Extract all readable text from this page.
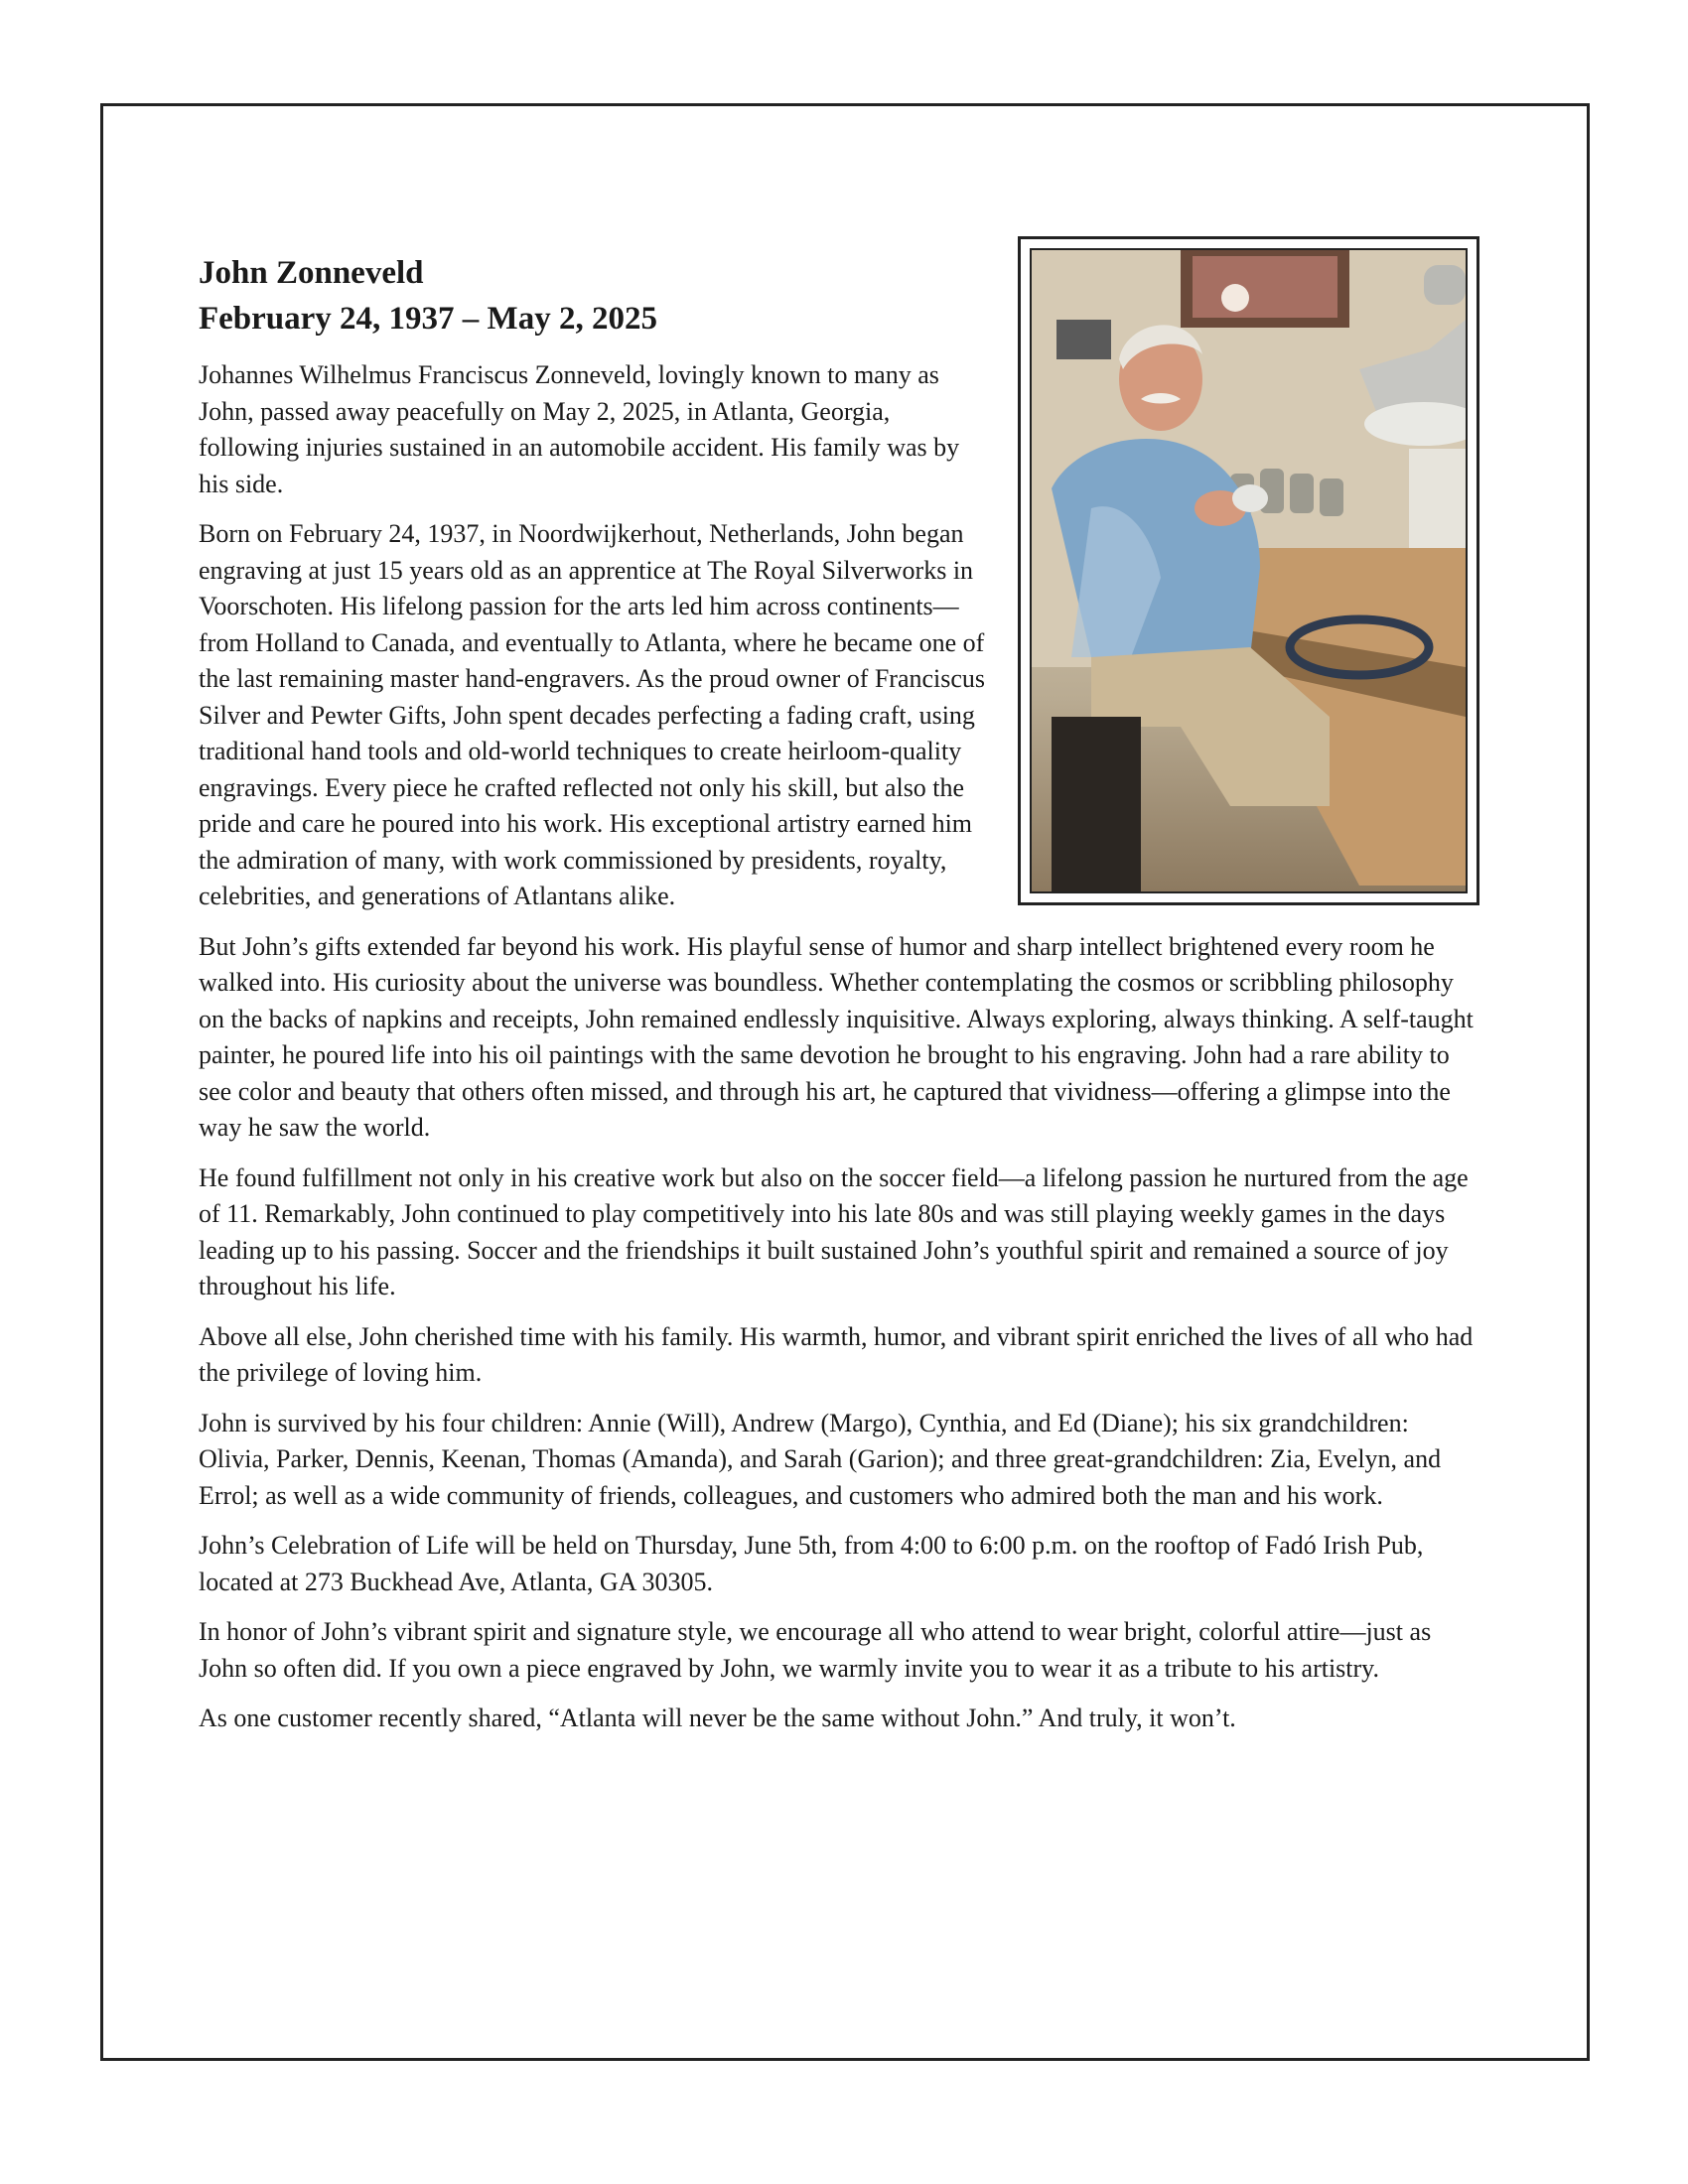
John Zonneveld
February 24, 1937 – May 2, 2025

Johannes Wilhelmus Franciscus Zonneveld, lovingly known to many as John, passed away peacefully on May 2, 2025, in Atlanta, Georgia, following injuries sustained in an automobile accident. His family was by his side.

Born on February 24, 1937, in Noordwijkerhout, Netherlands, John began engraving at just 15 years old as an apprentice at The Royal Silverworks in Voorschoten. His lifelong passion for the arts led him across continents—from Holland to Canada, and eventually to Atlanta, where he became one of the last remaining master hand-engravers. As the proud owner of Franciscus Silver and Pewter Gifts, John spent decades perfecting a fading craft, using traditional hand tools and old-world techniques to create heirloom-quality engravings. Every piece he crafted reflected not only his skill, but also the pride and care he poured into his work. His exceptional artistry earned him the admiration of many, with work commissioned by presidents, royalty, celebrities, and generations of Atlantans alike.

But John’s gifts extended far beyond his work. His playful sense of humor and sharp intellect brightened every room he walked into. His curiosity about the universe was boundless. Whether contemplating the cosmos or scribbling philosophy on the backs of napkins and receipts, John remained endlessly inquisitive. Always exploring, always thinking. A self-taught painter, he poured life into his oil paintings with the same devotion he brought to his engraving. John had a rare ability to see color and beauty that others often missed, and through his art, he captured that vividness—offering a glimpse into the way he saw the world.

He found fulfillment not only in his creative work but also on the soccer field—a lifelong passion he nurtured from the age of 11. Remarkably, John continued to play competitively into his late 80s and was still playing weekly games in the days leading up to his passing. Soccer and the friendships it built sustained John’s youthful spirit and remained a source of joy throughout his life.

Above all else, John cherished time with his family. His warmth, humor, and vibrant spirit enriched the lives of all who had the privilege of loving him.

John is survived by his four children: Annie (Will), Andrew (Margo), Cynthia, and Ed (Diane); his six grandchildren: Olivia, Parker, Dennis, Keenan, Thomas (Amanda), and Sarah (Garion); and three great-grandchildren: Zia, Evelyn, and Errol; as well as a wide community of friends, colleagues, and customers who admired both the man and his work.

John’s Celebration of Life will be held on Thursday, June 5th, from 4:00 to 6:00 p.m. on the rooftop of Fadó Irish Pub, located at 273 Buckhead Ave, Atlanta, GA 30305.

In honor of John’s vibrant spirit and signature style, we encourage all who attend to wear bright, colorful attire—just as John so often did. If you own a piece engraved by John, we warmly invite you to wear it as a tribute to his artistry.

As one customer recently shared, “Atlanta will never be the same without John.” And truly, it won’t.
